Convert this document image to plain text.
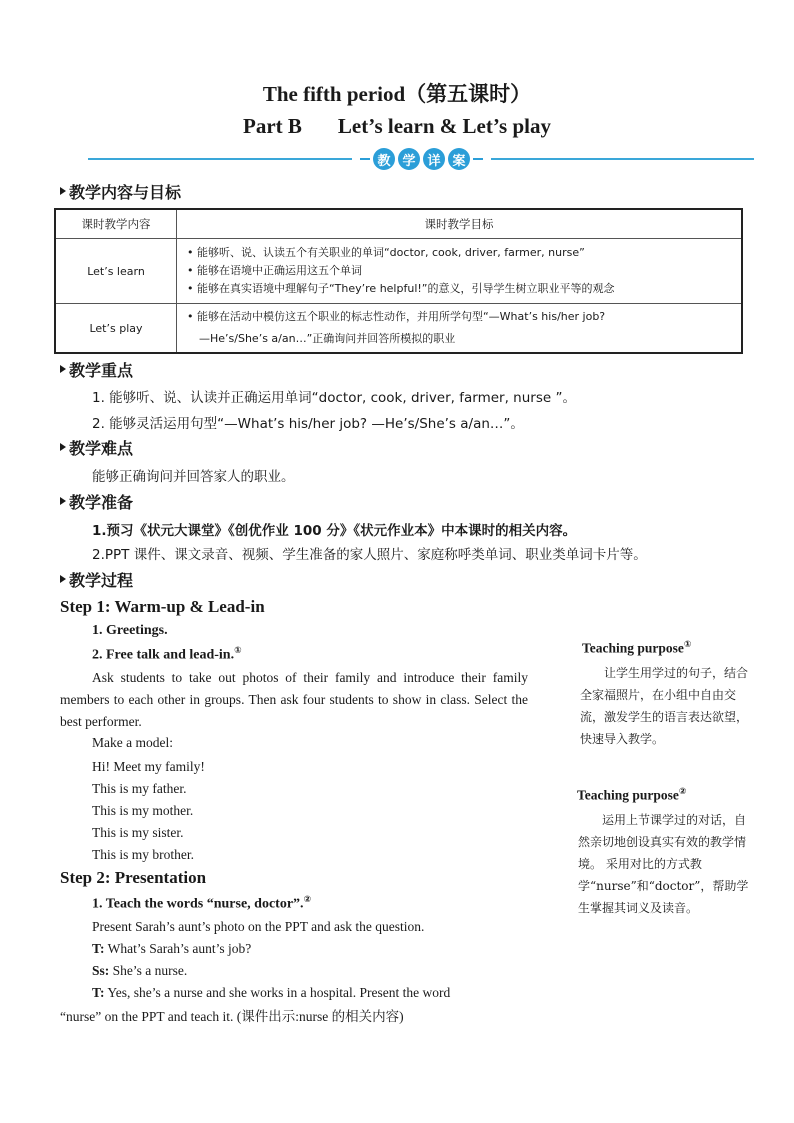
The fifth period（第五课时）
Part B Let’s learn & Let’s play
教 学 详 案
教学内容与目标
课时教学内容	课时教学目标
Let’s learn	• 能够听、说、认读五个有关职业的单词“doctor, cook, driver, farmer, nurse”
• 能够在语境中正确运用这五个单词
• 能够在真实语境中理解句子“They’re helpful!”的意义，引导学生树立职业平等的观念

Let’s play	• 能够在活动中模仿这五个职业的标志性动作，并用所学句型“—What’s his/her job?
—He’s/She’s a/an…”正确询问并回答所模拟的职业
教学重点
1. 能够听、说、认读并正确运用单词“doctor, cook, driver, farmer, nurse ”。
2. 能够灵活运用句型“—What’s his/her job? —He’s/She’s a/an…”。
教学难点
能够正确询问并回答家人的职业。
教学准备
1.预习《状元大课堂》《创优作业 100 分》《状元作业本》中本课时的相关内容。
2.PPT 课件、课文录音、视频、学生准备的家人照片、家庭称呼类单词、职业类单词卡片等。
教学过程
Step 1: Warm-up & Lead-in
1. Greetings.
2. Free talk and lead-in.①
Ask students to take out photos of their family and introduce their family members to each other in groups. Then ask four students to show in class. Select the best performer.
Make a model:
Hi! Meet my family!
This is my father.
This is my mother.
This is my sister.
This is my brother.
Step 2: Presentation
1. Teach the words “nurse, doctor”.②
Present Sarah’s aunt’s photo on the PPT and ask the question.
T: What’s Sarah’s aunt’s job?
Ss: She’s a nurse.
T: Yes, she’s a nurse and she works in a hospital. Present the word
“nurse” on the PPT and teach it. (课件出示:nurse 的相关内容)
Teaching purpose①
　　让学生用学过的句子，结合全家福照片，在小组中自由交流，激发学生的语言表达欲望，快速导入教学。
Teaching purpose②
　　运用上节课学过的对话，自然亲切地创设真实有效的教学情境。 采用对比的方式教学“nurse”和“doctor”，帮助学生掌握其词义及读音。
